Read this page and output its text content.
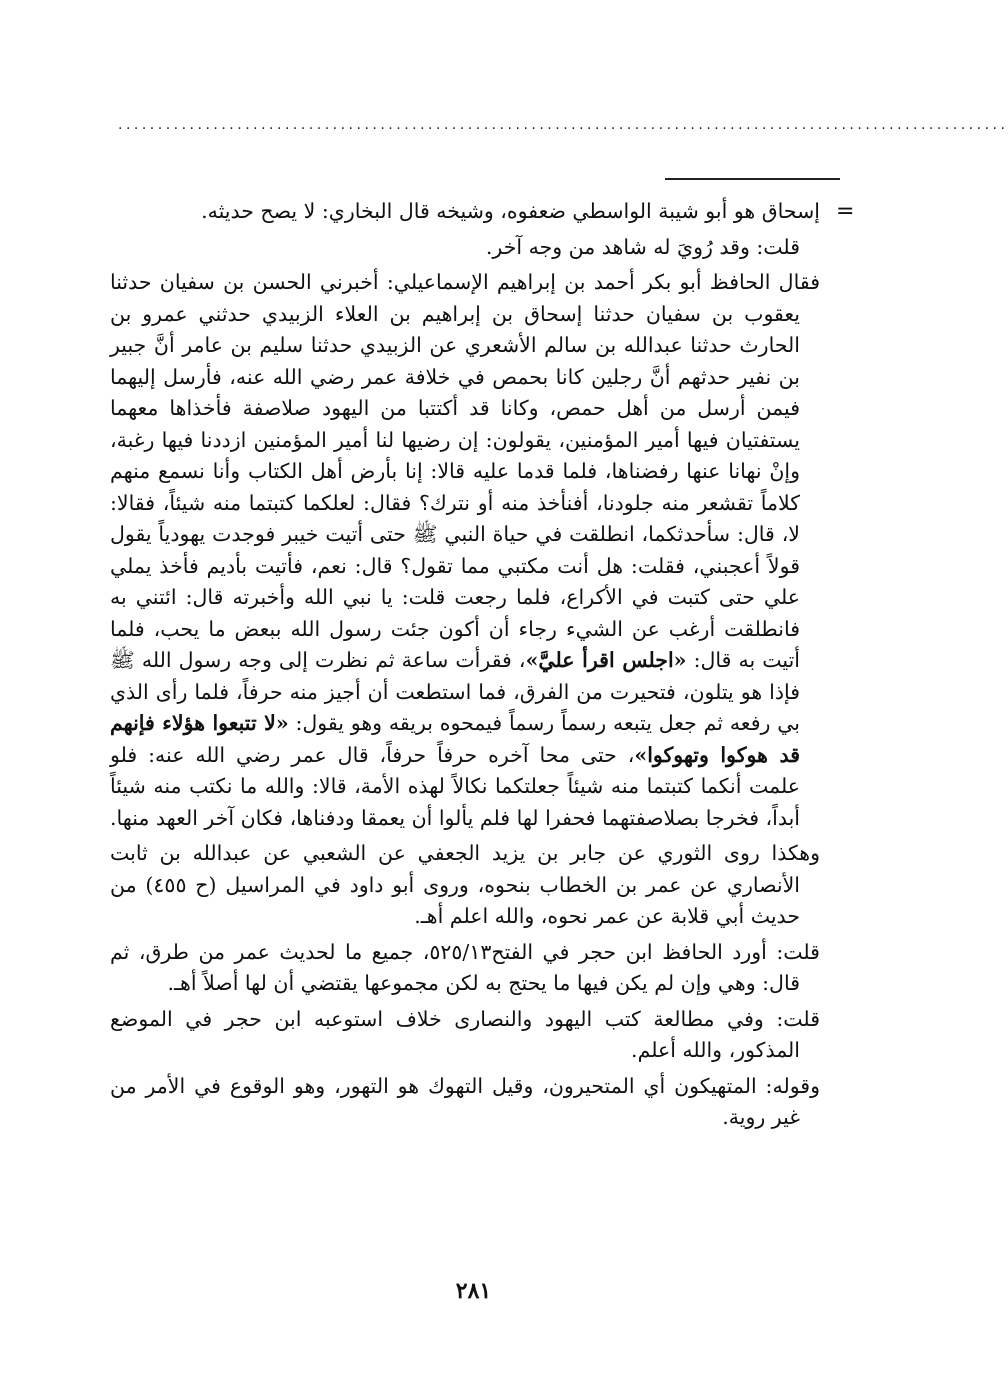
................................................................................................................
=

إسحاق هو أبو شيبة الواسطي ضعفوه، وشيخه قال البخاري: لا يصح حديثه.

قلت: وقد رُويَ له شاهد من وجه آخر.

فقال الحافظ أبو بكر أحمد بن إبراهيم الإسماعيلي: أخبرني الحسن بن سفيان حدثنا يعقوب بن سفيان حدثنا إسحاق بن إبراهيم بن العلاء الزبيدي حدثني عمرو بن الحارث حدثنا عبدالله بن سالم الأشعري عن الزبيدي حدثنا سليم بن عامر أنَّ جبير بن نفير حدثهم أنَّ رجلين كانا بحمص في خلافة عمر رضي الله عنه، فأرسل إليهما فيمن أرسل من أهل حمص، وكانا قد أكتتبا من اليهود صلاصفة فأخذاها معهما يستفتيان فيها أمير المؤمنين، يقولون: إن رضيها لنا أمير المؤمنين ازددنا فيها رغبة، وإنْ نهانا عنها رفضناها، فلما قدما عليه قالا: إنا بأرض أهل الكتاب وأنا نسمع منهم كلاماً تقشعر منه جلودنا، أفنأخذ منه أو نترك؟ فقال: لعلكما كتبتما منه شيئاً، فقالا: لا، قال: سأحدثكما، انطلقت في حياة النبي ﷺ حتى أتيت خيبر فوجدت يهودياً يقول قولاً أعجبني، فقلت: هل أنت مكتبي مما تقول؟ قال: نعم، فأتيت بأديم فأخذ يملي علي حتى كتبت في الأكراع، فلما رجعت قلت: يا نبي الله وأخبرته قال: ائتني به فانطلقت أرغب عن الشيء رجاء أن أكون جئت رسول الله ببعض ما يحب، فلما أتيت به قال: «اجلس اقرأ عليَّ»، فقرأت ساعة ثم نظرت إلى وجه رسول الله ﷺ فإذا هو يتلون، فتحيرت من الفرق، فما استطعت أن أجيز منه حرفاً، فلما رأى الذي بي رفعه ثم جعل يتبعه رسماً رسماً فيمحوه بريقه وهو يقول: «لا تتبعوا هؤلاء فإنهم قد هوكوا وتهوكوا»، حتى محا آخره حرفاً حرفاً، قال عمر رضي الله عنه: فلو علمت أنكما كتبتما منه شيئاً جعلتكما نكالاً لهذه الأمة، قالا: والله ما نكتب منه شيئاً أبداً، فخرجا بصلاصفتهما فحفرا لها فلم يألوا أن يعمقا ودفناها، فكان آخر العهد منها.

وهكذا روى الثوري عن جابر بن يزيد الجعفي عن الشعبي عن عبدالله بن ثابت الأنصاري عن عمر بن الخطاب بنحوه، وروى أبو داود في المراسيل (ح ٤٥٥) من حديث أبي قلابة عن عمر نحوه، والله اعلم أهـ.

قلت: أورد الحافظ ابن حجر في الفتح٥٢٥/١٣، جميع ما لحديث عمر من طرق، ثم قال: وهي وإن لم يكن فيها ما يحتج به لكن مجموعها يقتضي أن لها أصلاً أهـ.

قلت: وفي مطالعة كتب اليهود والنصارى خلاف استوعبه ابن حجر في الموضع المذكور، والله أعلم.

وقوله: المتهيكون أي المتحيرون، وقيل التهوك هو التهور، وهو الوقوع في الأمر من غير روية.

٢٨١
